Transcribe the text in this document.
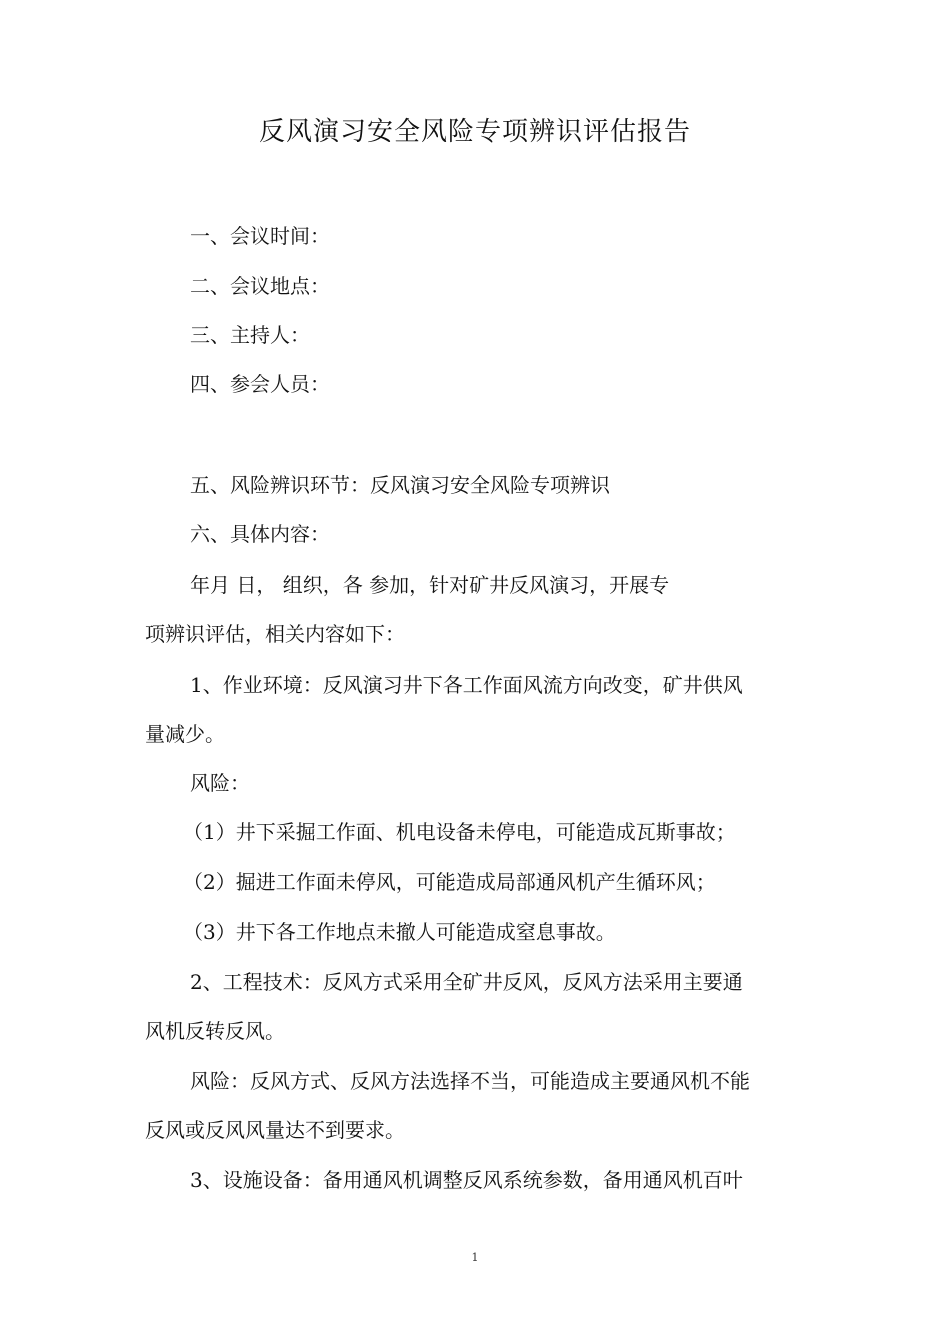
反风演习安全风险专项辨识评估报告
一、会议时间：
二、会议地点：
三、主持人：
四、参会人员：
五、风险辨识环节：反风演习安全风险专项辨识
六、具体内容：
年月 日， 组织，各 参加，针对矿井反风演习，开展专
项辨识评估，相关内容如下：
1、作业环境：反风演习井下各工作面风流方向改变，矿井供风
量减少。
风险：
（1）井下采掘工作面、机电设备未停电，可能造成瓦斯事故；
（2）掘进工作面未停风，可能造成局部通风机产生循环风；
（3）井下各工作地点未撤人可能造成窒息事故。
2、工程技术：反风方式采用全矿井反风，反风方法采用主要通
风机反转反风。
风险：反风方式、反风方法选择不当，可能造成主要通风机不能
反风或反风风量达不到要求。
3、设施设备：备用通风机调整反风系统参数，备用通风机百叶
1
